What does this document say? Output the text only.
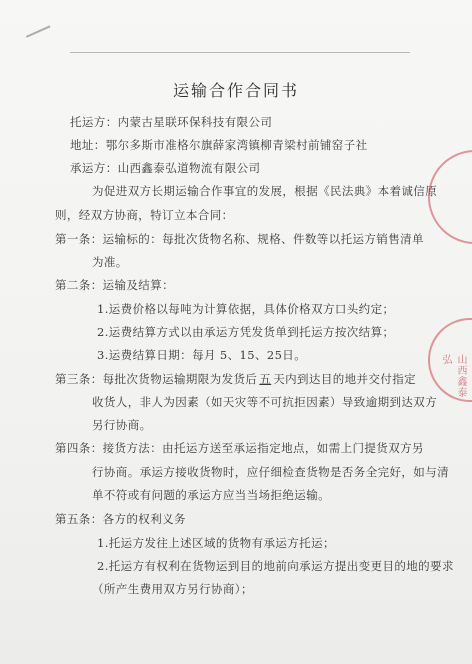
运输合作合同书
托运方：内蒙古星联环保科技有限公司
地址：鄂尔多斯市准格尔旗薛家湾镇柳青梁村前铺窑子社
承运方：山西鑫泰弘道物流有限公司
为促进双方长期运输合作事宜的发展，根据《民法典》本着诚信原
则，经双方协商，特订立本合同：
第一条：运输标的：每批次货物名称、规格、件数等以托运方销售清单
为准。
第二条：运输及结算：
1.运费价格以每吨为计算依据，具体价格双方口头约定；
2.运费结算方式以由承运方凭发货单到托运方按次结算；
3.运费结算日期：每月 5、15、25日。
第三条：每批次货物运输期限为发货后 五 天内到达目的地并交付指定
收货人，非人为因素（如天灾等不可抗拒因素）导致逾期到达双方
另行协商。
第四条：接货方法：由托运方送至承运指定地点，如需上门提货双方另
行协商。承运方接收货物时，应仔细检查货物是否务全完好，如与清
单不符或有问题的承运方应当当场拒绝运输。
第五条：各方的权利义务
1.托运方发往上述区域的货物有承运方托运；
2.托运方有权利在货物运到目的地前向承运方提出变更目的地的要求
（所产生费用双方另行协商）；
山西鑫泰弘
